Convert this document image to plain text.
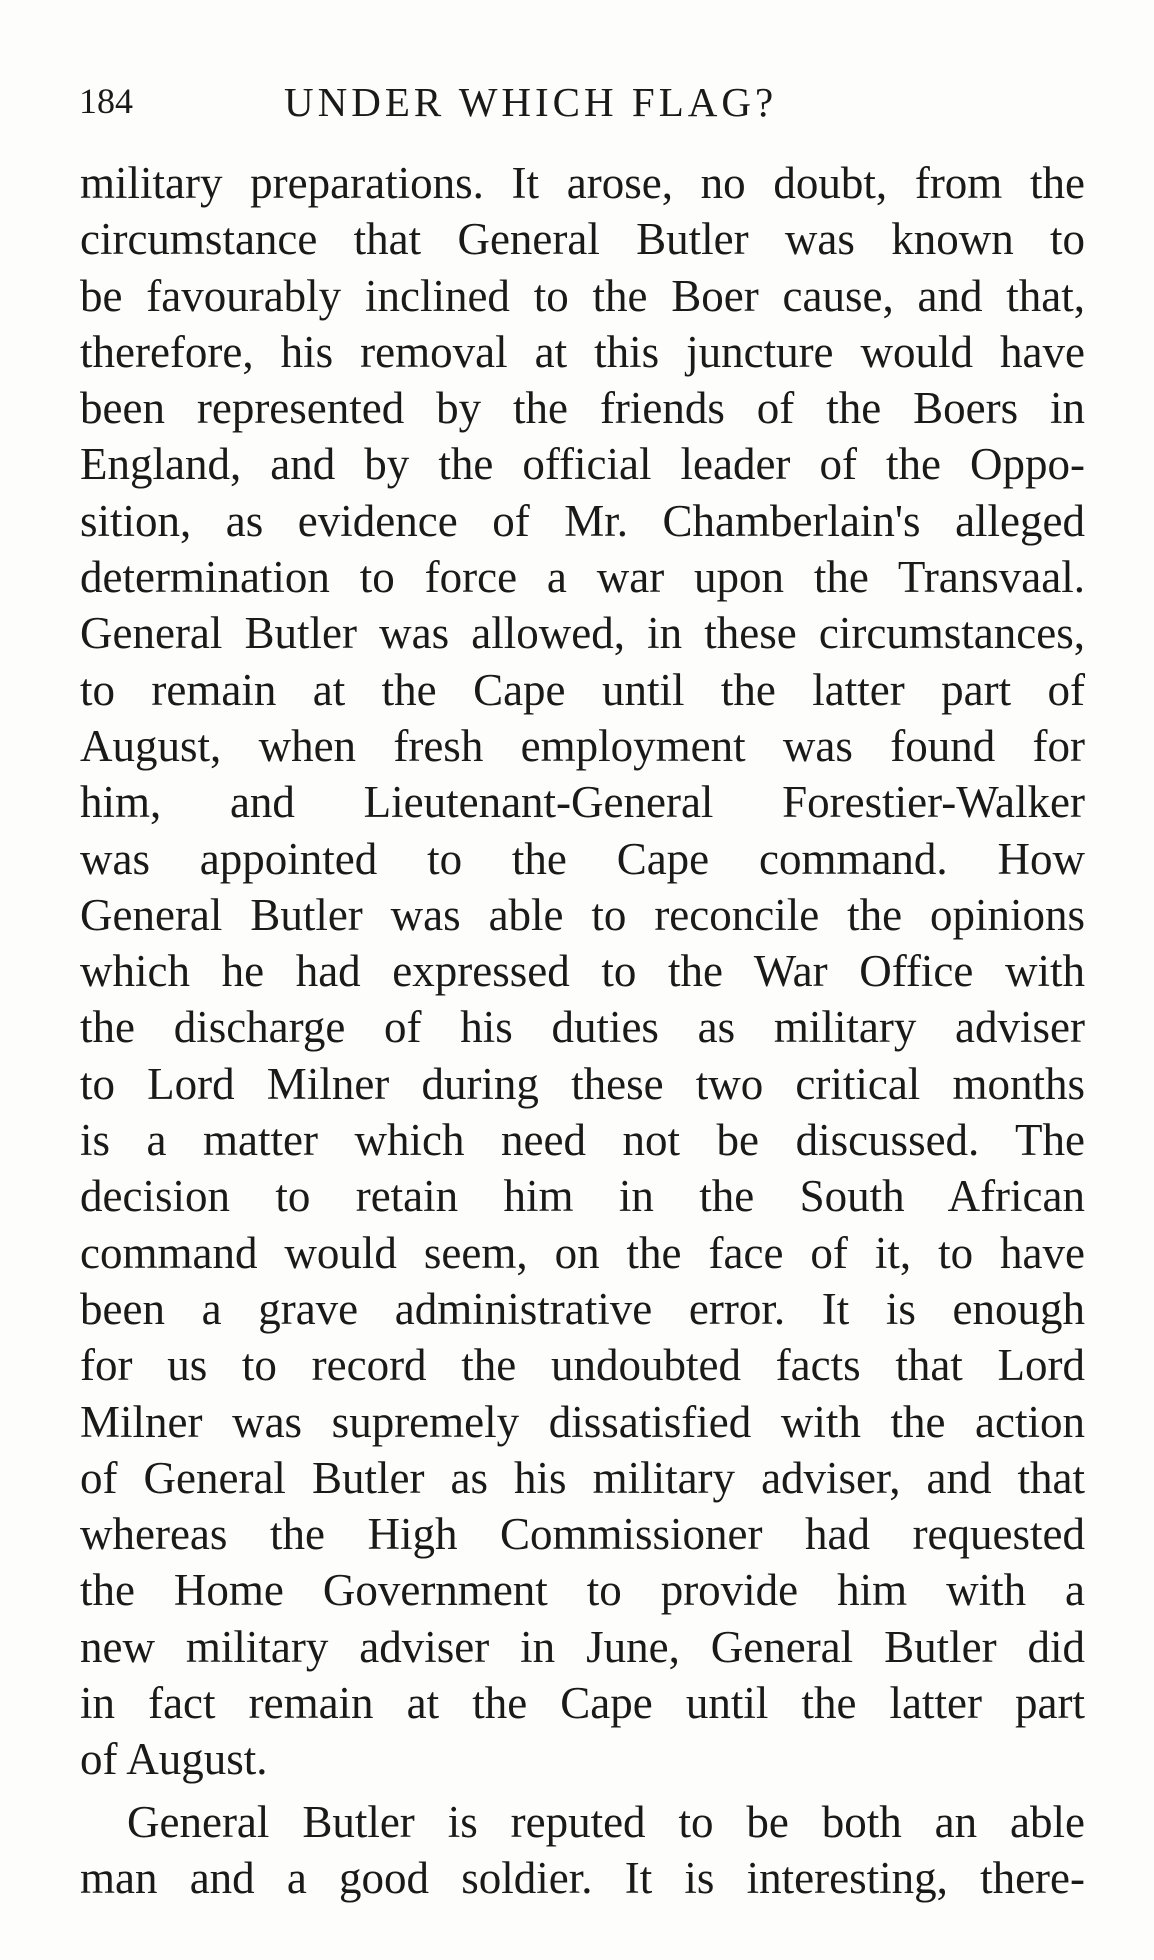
184	UNDER WHICH FLAG?
military preparations. It arose, no doubt, from the
circumstance that General Butler was known to
be favourably inclined to the Boer cause, and that,
therefore, his removal at this juncture would have
been represented by the friends of the Boers in
England, and by the official leader of the Oppo-
sition, as evidence of Mr. Chamberlain's alleged
determination to force a war upon the Transvaal.
General Butler was allowed, in these circumstances,
to remain at the Cape until the latter part of
August, when fresh employment was found for
him, and Lieutenant-General Forestier-Walker
was appointed to the Cape command. How
General Butler was able to reconcile the opinions
which he had expressed to the War Office with
the discharge of his duties as military adviser
to Lord Milner during these two critical months
is a matter which need not be discussed. The
decision to retain him in the South African
command would seem, on the face of it, to have
been a grave administrative error. It is enough
for us to record the undoubted facts that Lord
Milner was supremely dissatisfied with the action
of General Butler as his military adviser, and that
whereas the High Commissioner had requested
the Home Government to provide him with a
new military adviser in June, General Butler did
in fact remain at the Cape until the latter part
of August.
General Butler is reputed to be both an able
man and a good soldier. It is interesting, there-
